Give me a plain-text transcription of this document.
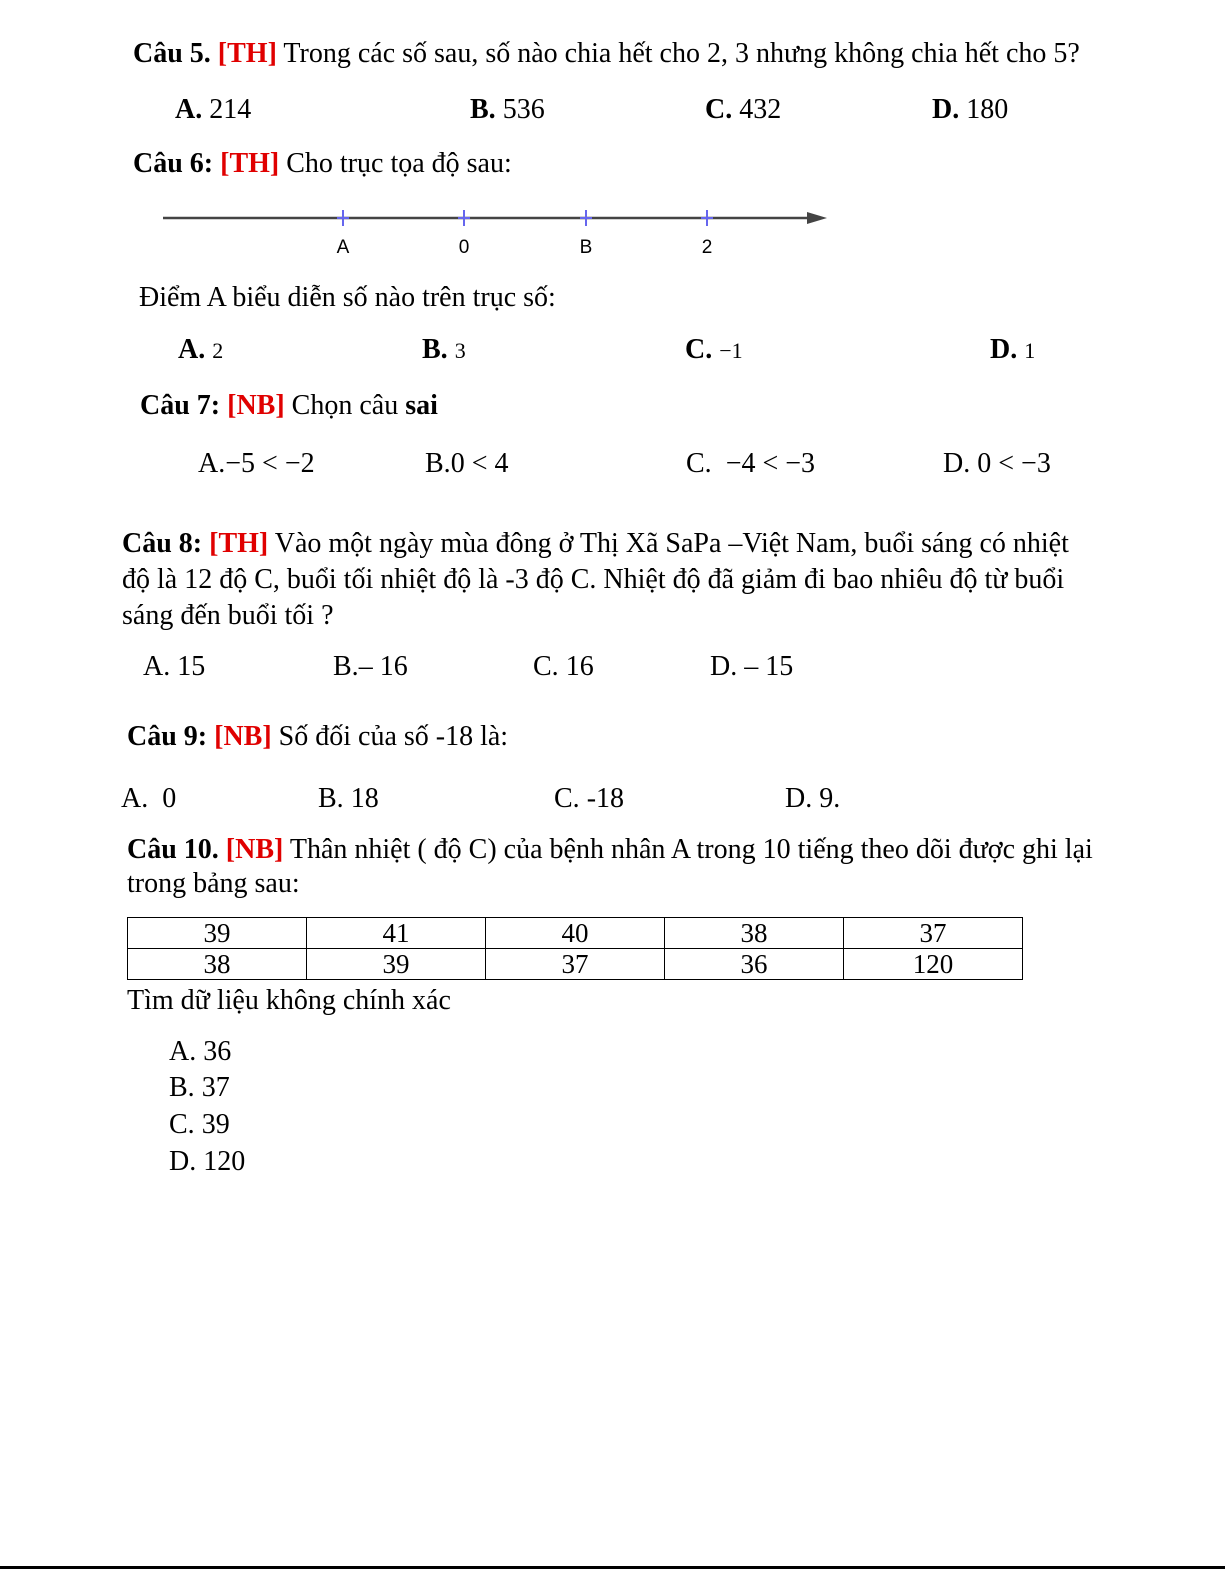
Câu 5. [TH] Trong các số sau, số nào chia hết cho 2, 3 nhưng không chia hết cho 5?
A. 214	B. 536	C. 432	D. 180
Câu 6: [TH] Cho trục tọa độ sau:
A	0	B	2
Điểm A biểu diễn số nào trên trục số:
A. 2	B. 3	C. −1	D. 1
Câu 7: [NB] Chọn câu sai
A.−5 < −2	B.0 < 4	C. −4 < −3	D. 0 < −3
Câu 8: [TH] Vào một ngày mùa đông ở Thị Xã SaPa –Việt Nam, buổi sáng có nhiệt
độ là 12 độ C, buổi tối nhiệt độ là -3 độ C. Nhiệt độ đã giảm đi bao nhiêu độ từ buổi
sáng đến buổi tối ?
A. 15	B.– 16	C. 16	D. – 15
Câu 9: [NB] Số đối của số -18 là:
A. 0	B. 18	C. -18	D. 9.
Câu 10. [NB] Thân nhiệt ( độ C) của bệnh nhân A trong 10 tiếng theo dõi được ghi lại
trong bảng sau:
39	41	40	38	37
38	39	37	36	120
Tìm dữ liệu không chính xác
A. 36
B. 37
C. 39
D. 120
